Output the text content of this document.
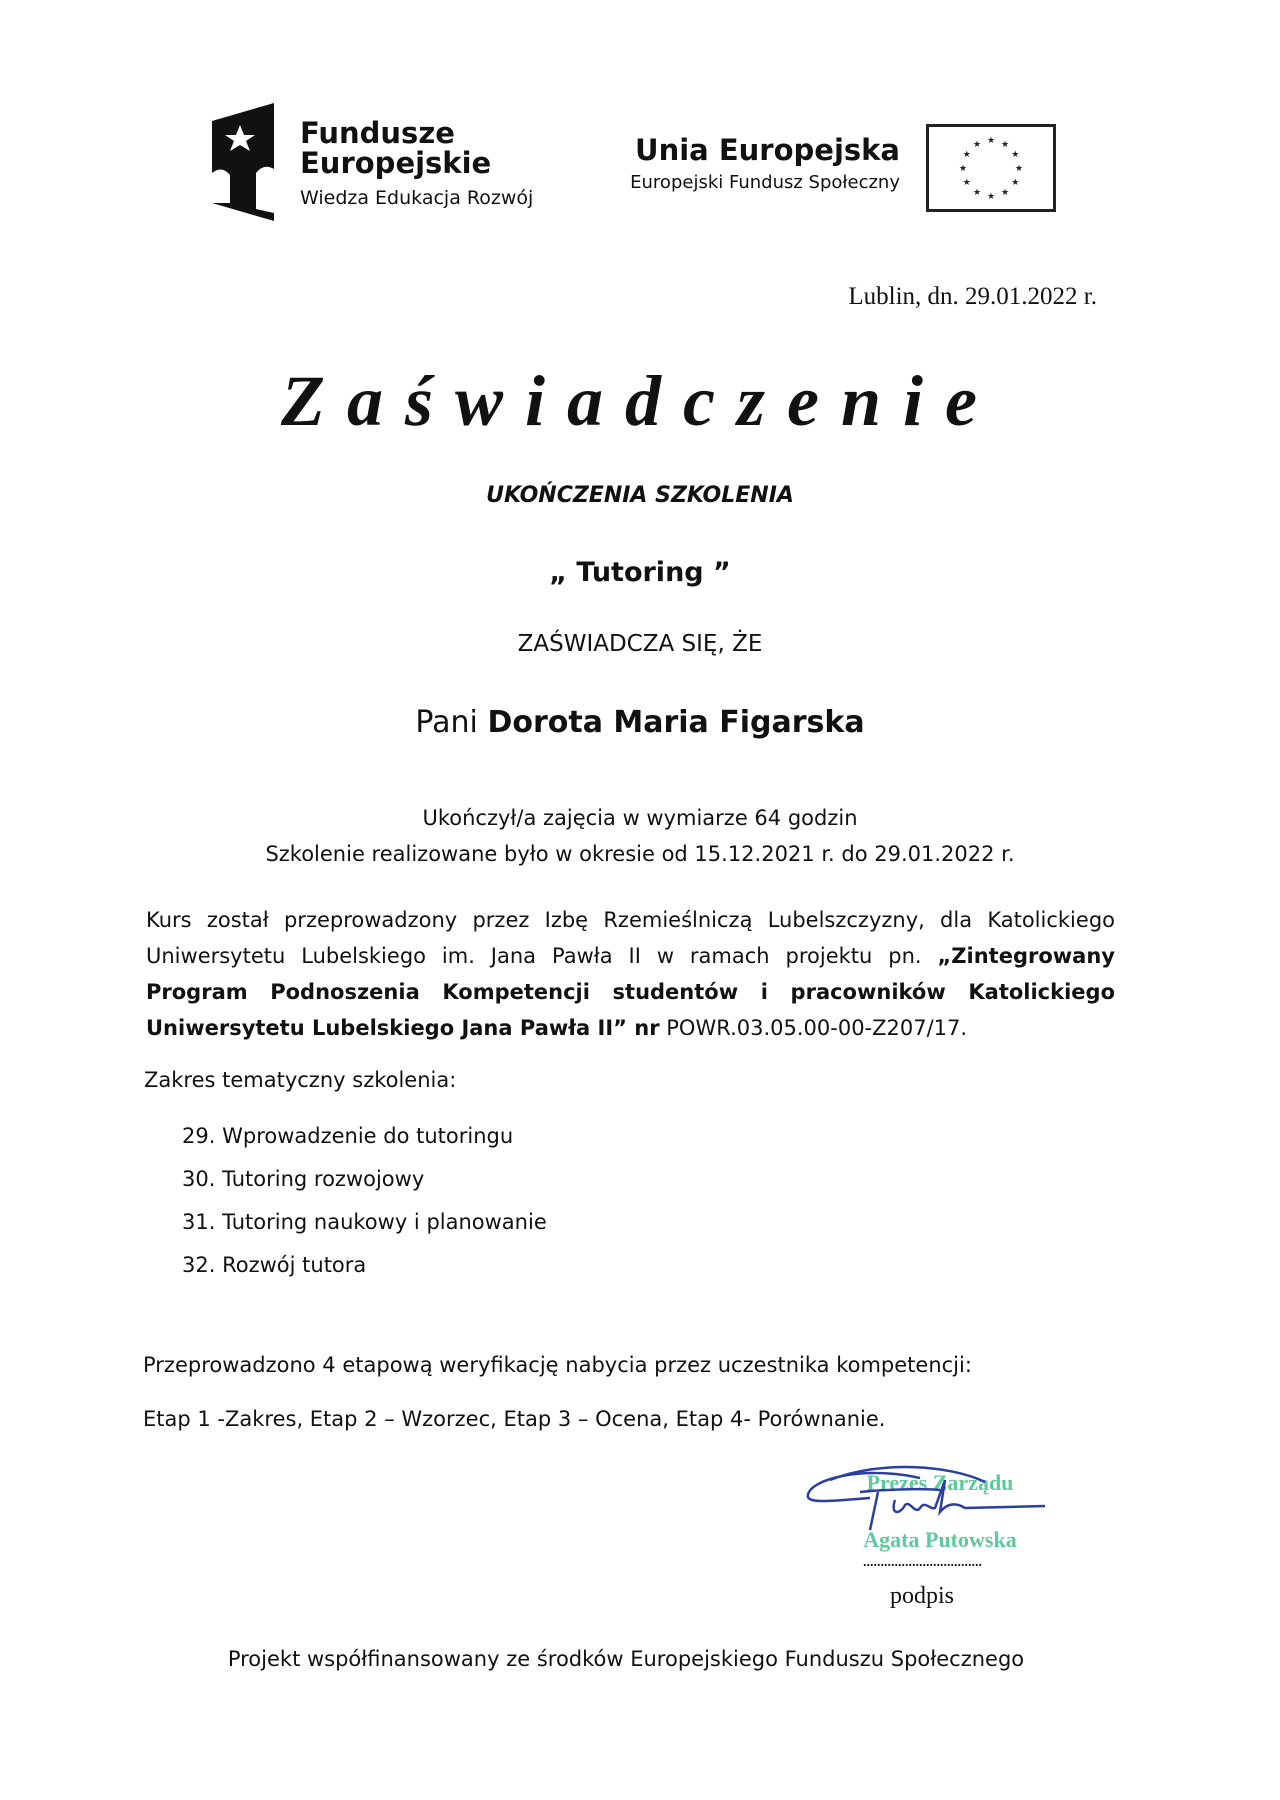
Fundusze
Europejskie
Wiedza Edukacja Rozwój
Unia Europejska
Europejski Fundusz Społeczny
★ ★
★
★
★
★
★
★
★
★
★
★
Lublin, dn. 29.01.2022 r.
Zaświadczenie
UKOŃCZENIA SZKOLENIA
„ Tutoring ”
ZAŚWIADCZA SIĘ, ŻE
Pani Dorota Maria Figarska
Ukończył/a zajęcia w wymiarze 64 godzin
Szkolenie realizowane było w okresie od 15.12.2021 r. do 29.01.2022 r.
Kurs został przeprowadzony przez Izbę Rzemieślniczą Lubelszczyzny, dla Katolickiego Uniwersytetu Lubelskiego im. Jana Pawła II w ramach projektu pn. „Zintegrowany Program Podnoszenia Kompetencji studentów i pracowników Katolickiego Uniwersytetu Lubelskiego Jana Pawła II” nr POWR.03.05.00-00-Z207/17.
Zakres tematyczny szkolenia:
29. Wprowadzenie do tutoringu
30. Tutoring rozwojowy
31. Tutoring naukowy i planowanie
32. Rozwój tutora
Przeprowadzono 4 etapową weryfikację nabycia przez uczestnika kompetencji:
Etap 1 -Zakres, Etap 2 – Wzorzec, Etap 3 – Ocena, Etap 4- Porównanie.
Prezes Zarządu
Agata Putowska
..................................
podpis
Projekt współfinansowany ze środków Europejskiego Funduszu Społecznego
